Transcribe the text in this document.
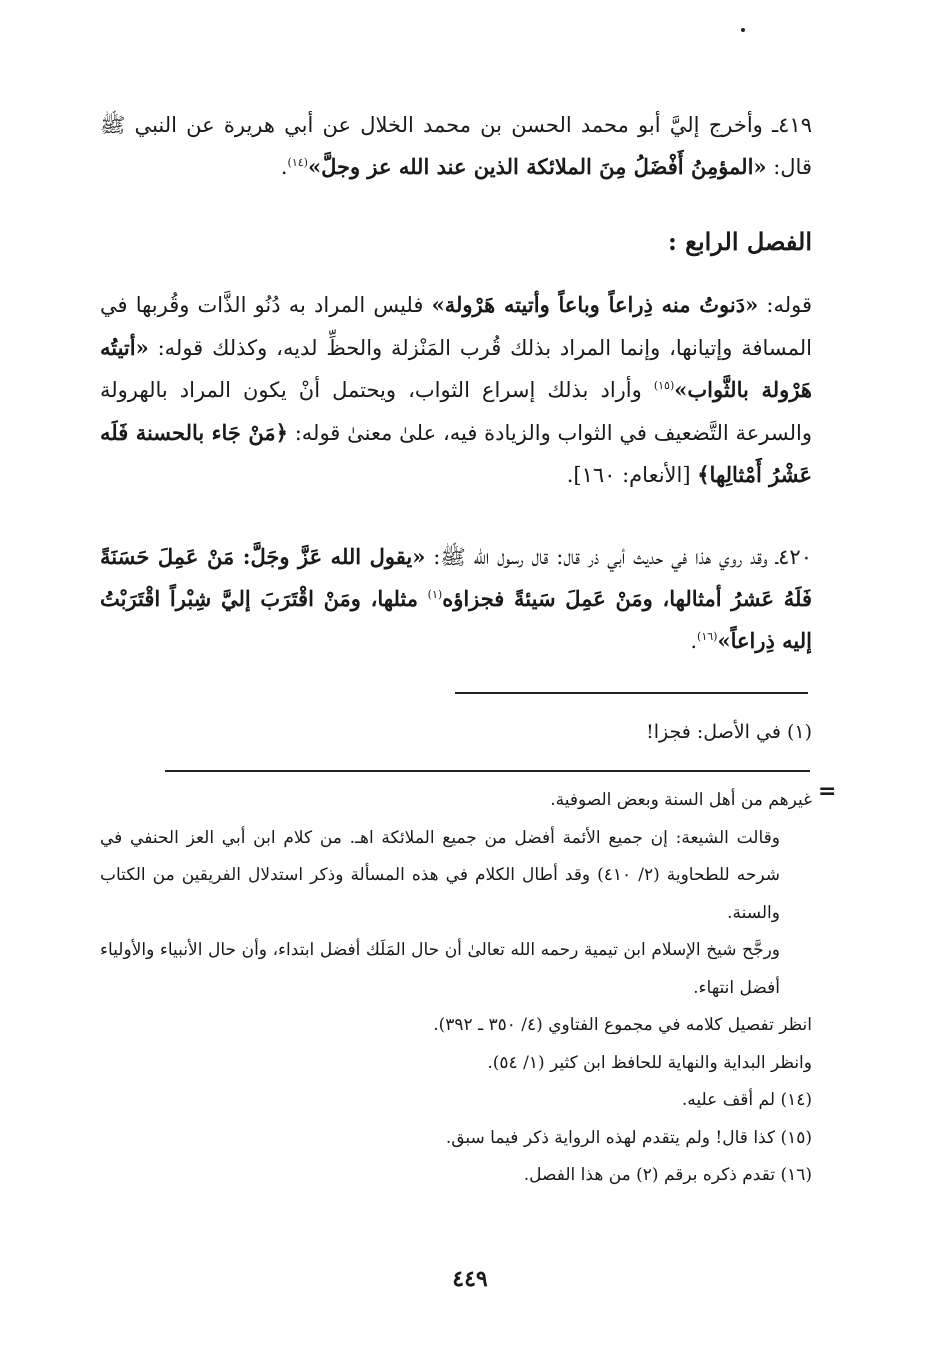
٤١٩ـ وأخرج إليَّ أبو محمد الحسن بن محمد الخلال عن أبي هريرة عن النبي ﷺ قال: «المؤمِنُ أَفْضَلُ مِنَ الملائكة الذين عند الله عز وجلَّ»$^{(١٤)}$.

الفصل الرابع :

قوله: «دَنوتُ منه ذِراعاً وباعاً وأتيته هَرْولة» فليس المراد به دُنُو الذَّات وقُربها في المسافة وإتيانها، وإنما المراد بذلك قُرب المَنْزلة والحظِّ لديه، وكذلك قوله: «أتيتُه هَرْولة بالثَّواب»$^{(١٥)}$ وأراد بذلك إسراع الثواب، ويحتمل أنْ يكون المراد بالهرولة والسرعة التَّضعيف في الثواب والزيادة فيه، علىٰ معنىٰ قوله: ﴿مَنْ جَاء بالحسنة فَلَه عَشْرُ أَمْثالِها﴾ [الأنعام: ١٦٠].

٤٢٠ـ وقد روي هذا في حديث أبي ذر قال: قال رسول الله ﷺ: «يقول الله عَزَّ وجَلَّ: مَنْ عَمِلَ حَسَنَةً فَلَهُ عَشرُ أمثالها، ومَنْ عَمِلَ سَيئةً فجزاؤه$^{(١)}$ مثلها، ومَنْ اقْتَرَبَ إليَّ شِبْراً اقْتَرَبْتُ إليه ذِراعاً»$^{(١٦)}$.

(١) في الأصل: فجزا!
=

غيرهم من أهل السنة وبعض الصوفية.

وقالت الشيعة: إن جميع الأئمة أفضل من جميع الملائكة اهـ. من كلام ابن أبي العز الحنفي في شرحه للطحاوية (٢/ ٤١٠) وقد أطال الكلام في هذه المسألة وذكر استدلال الفريقين من الكتاب والسنة.

ورجَّح شيخ الإسلام ابن تيمية رحمه الله تعالىٰ أن حال المَلَك أفضل ابتداء، وأن حال الأنبياء والأولياء أفضل انتهاء.

انظر تفصيل كلامه في مجموع الفتاوي (٤/ ٣٥٠ ـ ٣٩٢).

وانظر البداية والنهاية للحافظ ابن كثير (١/ ٥٤).

(١٤) لم أقف عليه.

(١٥) كذا قال! ولم يتقدم لهذه الرواية ذكر فيما سبق.

(١٦) تقدم ذكره برقم (٢) من هذا الفصل.

٤٤٩
